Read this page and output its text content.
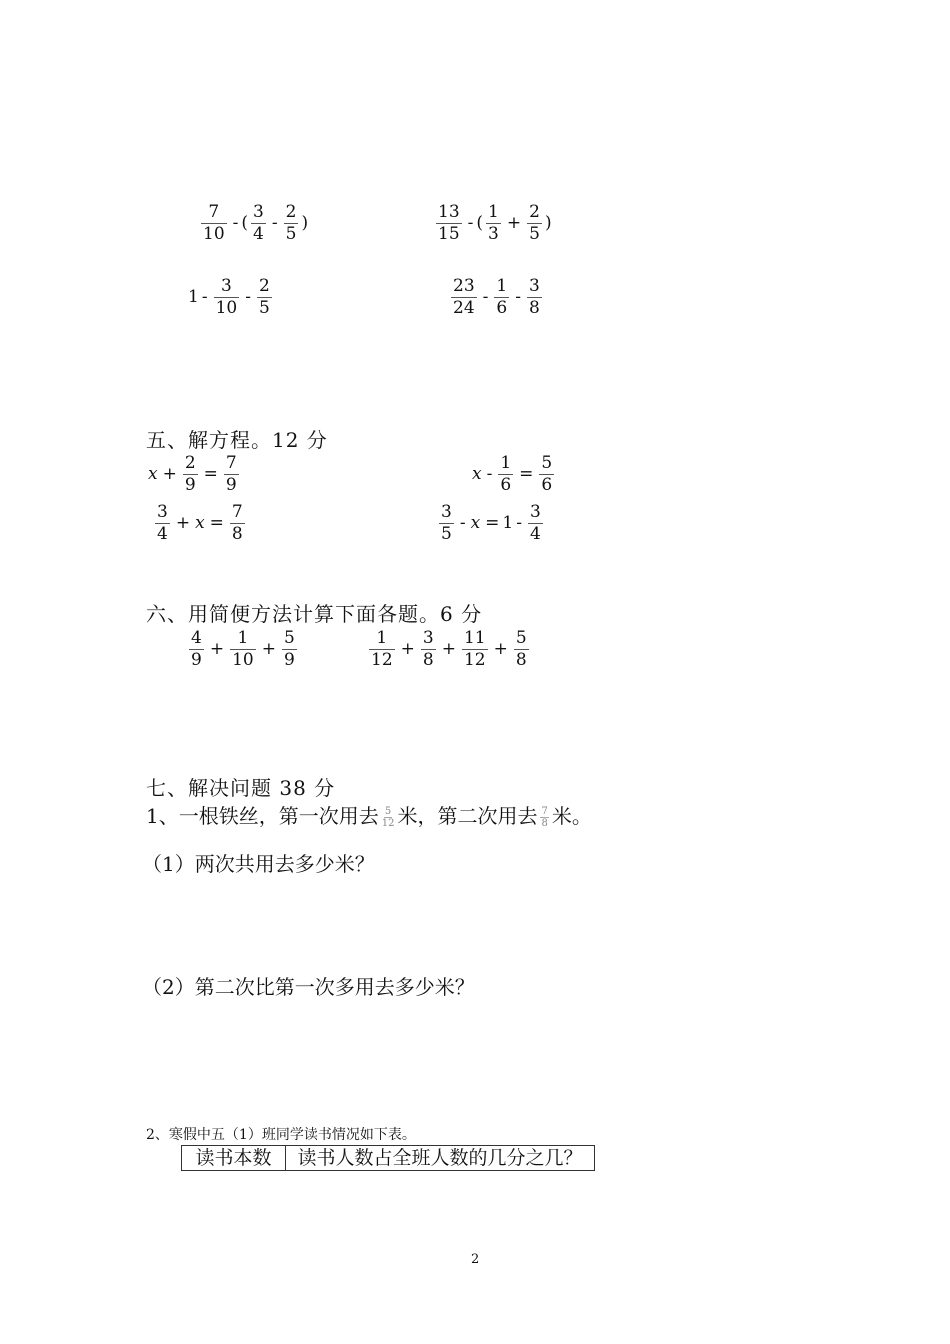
$\frac{7}{10}$ - ( $\frac{3}{4} - \frac{2}{5}$ )	$\frac{13}{15}$ - ( $\frac{1}{3} + \frac{2}{5}$ )
$1 - \frac{3}{10} - \frac{2}{5}$	$\frac{23}{24} - \frac{1}{6} - \frac{3}{8}$
五、解方程。12 分
$x + \frac{2}{9} = \frac{7}{9}$	$x - \frac{1}{6} = \frac{5}{6}$
$\frac{3}{4} + x = \frac{7}{8}$	$\frac{3}{5} - x = 1 - \frac{3}{4}$
六、用简便方法计算下面各题。6 分
$\frac{4}{9} + \frac{1}{10} + \frac{5}{9}$	$\frac{1}{12} + \frac{3}{8} + \frac{11}{12} + \frac{5}{8}$
七、解决问题 38 分
1、一根铁丝，第一次用去 $\frac{5}{12}$ 米，第二次用去 $\frac{7}{8}$ 米。
（1）两次共用去多少米？
（2）第二次比第一次多用去多少米？
2、寒假中五（1）班同学读书情况如下表。
读书本数	读书人数占全班人数的几分之几？
2
